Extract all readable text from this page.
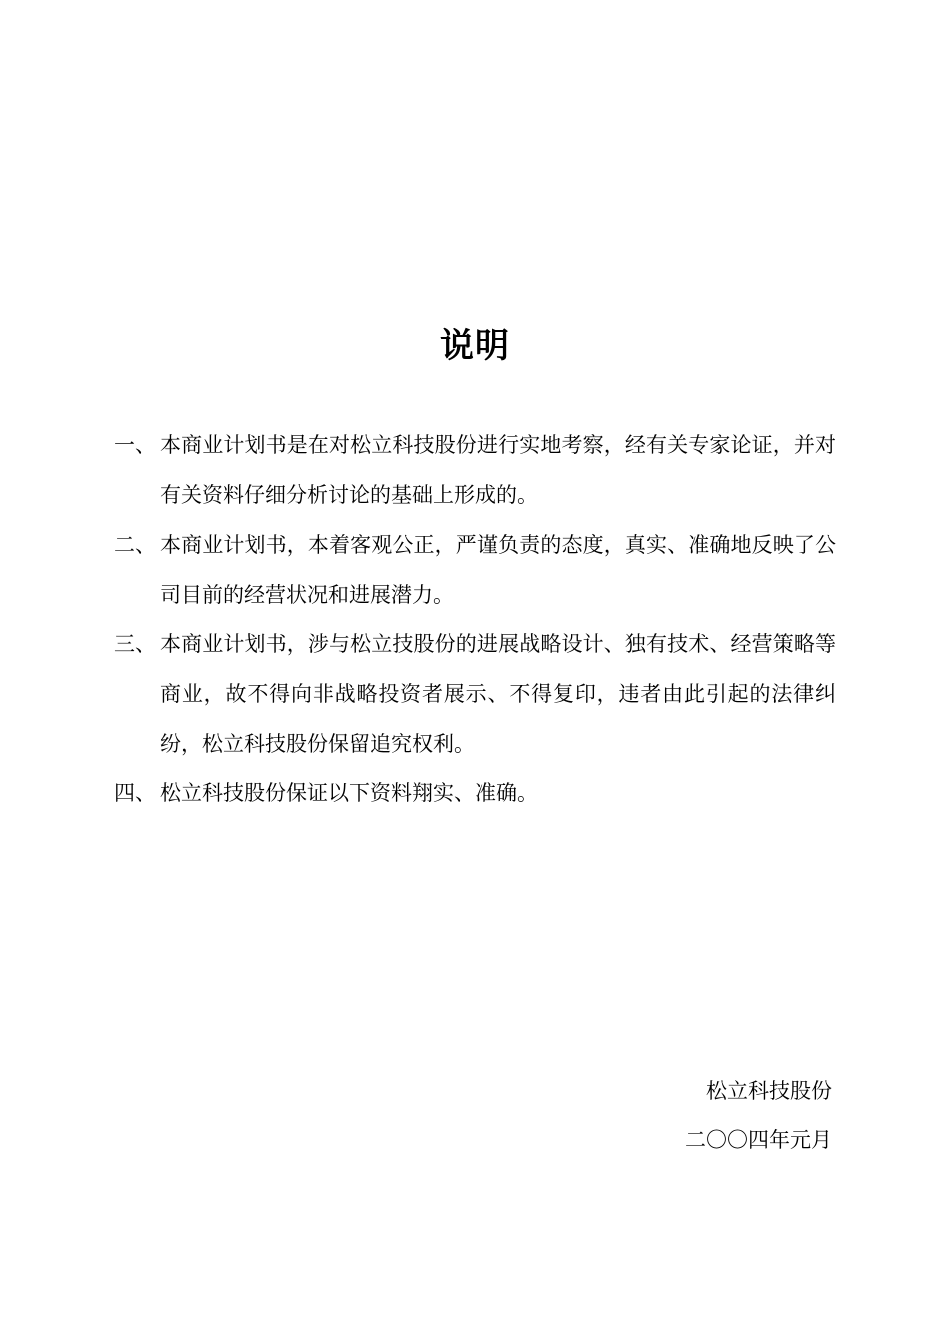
说明
一、 本商业计划书是在对松立科技股份进行实地考察，经有关专家论证，并对有关资料仔细分析讨论的基础上形成的。
二、 本商业计划书，本着客观公正，严谨负责的态度，真实、准确地反映了公司目前的经营状况和进展潜力。
三、 本商业计划书，涉与松立技股份的进展战略设计、独有技术、经营策略等商业，故不得向非战略投资者展示、不得复印，违者由此引起的法律纠纷，松立科技股份保留追究权利。
四、 松立科技股份保证以下资料翔实、准确。
松立科技股份
二〇〇四年元月
